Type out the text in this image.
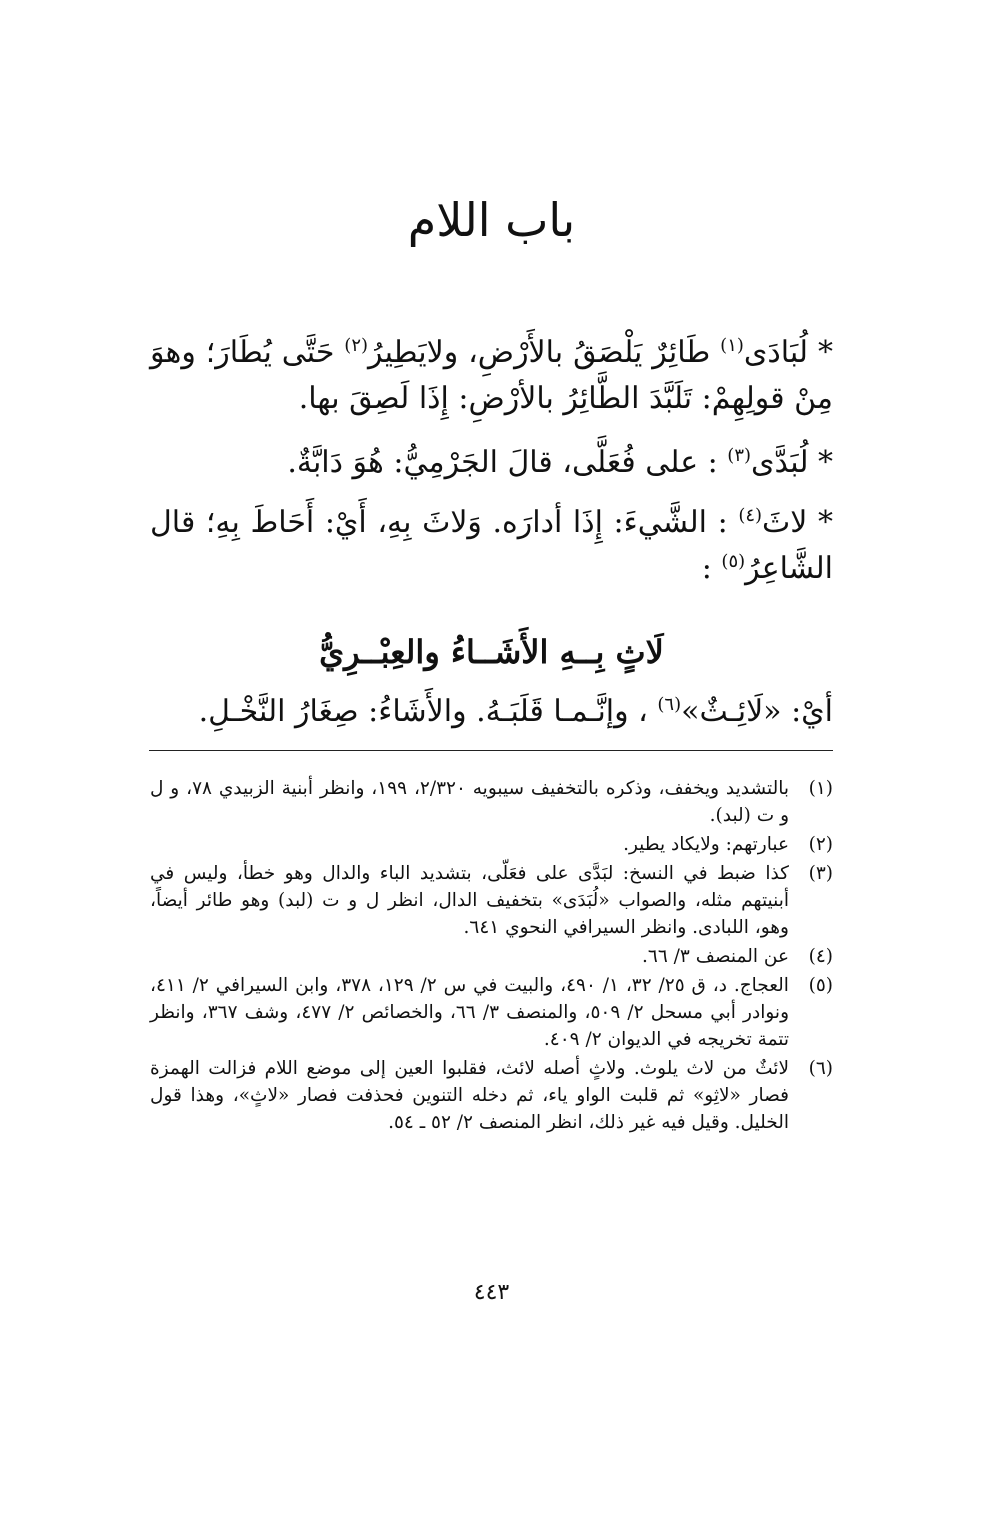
باب اللام

* لُبَادَى$^{(١)}$ طَائِرٌ يَلْصَقُ بالأَرْضِ، ولايَطِيرُ$^{(٢)}$ حَتَّى يُطَارَ؛ وهوَ مِنْ قولِهِمْ: تَلَبَّدَ الطَّائِرُ بالأرْضِ: إِذَا لَصِقَ بها.

* لُبَدَّى$^{(٣)}$ : على فُعَلَّى، قالَ الجَرْمِيُّ: هُوَ دَابَّةٌ.

* لاثَ$^{(٤)}$ : الشَّيءَ: إِذَا أدارَه. وَلاثَ بِهِ، أَيْ: أَحَاطَ بِهِ؛ قال الشَّاعِرُ$^{(٥)}$ :

لَاثٍ بِــهِ الأَشَــاءُ والعِبْــرِيُّ

أيْ: «لَائِـثٌ»$^{(٦)}$ ، وإنَّـمـا قَلَبَـهُ. والأَشَاءُ: صِغَارُ النَّخْـلِ.

(١)
بالتشديد ويخفف، وذكره بالتخفيف سيبويه ٢/٣٢٠، ١٩٩، وانظر أبنية الزبيدي ٧٨، و ل و ت (لبد).
(٢)
عبارتهم: ولايكاد يطير.
(٣)
كذا ضبط في النسخ: لبَدَّى على فعَلّى، بتشديد الباء والدال وهو خطأ، وليس في أبنيتهم مثله، والصواب «لُبَدَى» بتخفيف الدال، انظر ل و ت (لبد) وهو طائر أيضاً، وهو، اللبادى. وانظر السيرافي النحوي ٦٤١.
(٤)
عن المنصف ٣/ ٦٦.
(٥)
العجاج. د، ق ٢٥/ ٣٢، ١/ ٤٩٠، والبيت في س ٢/ ١٢٩، ٣٧٨، وابن السيرافي ٢/ ٤١١، ونوادر أبي مسحل ٢/ ٥٠٩، والمنصف ٣/ ٦٦، والخصائص ٢/ ٤٧٧، وشف ٣٦٧، وانظر تتمة تخريجه في الديوان ٢/ ٤٠٩.
(٦)
لائثٌ من لاث يلوث. ولاثٍ أصله لائث، فقلبوا العين إلى موضع اللام فزالت الهمزة فصار «لاثِو» ثم قلبت الواو ياء، ثم دخله التنوين فحذفت فصار «لاثٍ»، وهذا قول الخليل. وقيل فيه غير ذلك، انظر المنصف ٢/ ٥٢ ـ ٥٤.
٤٤٣
